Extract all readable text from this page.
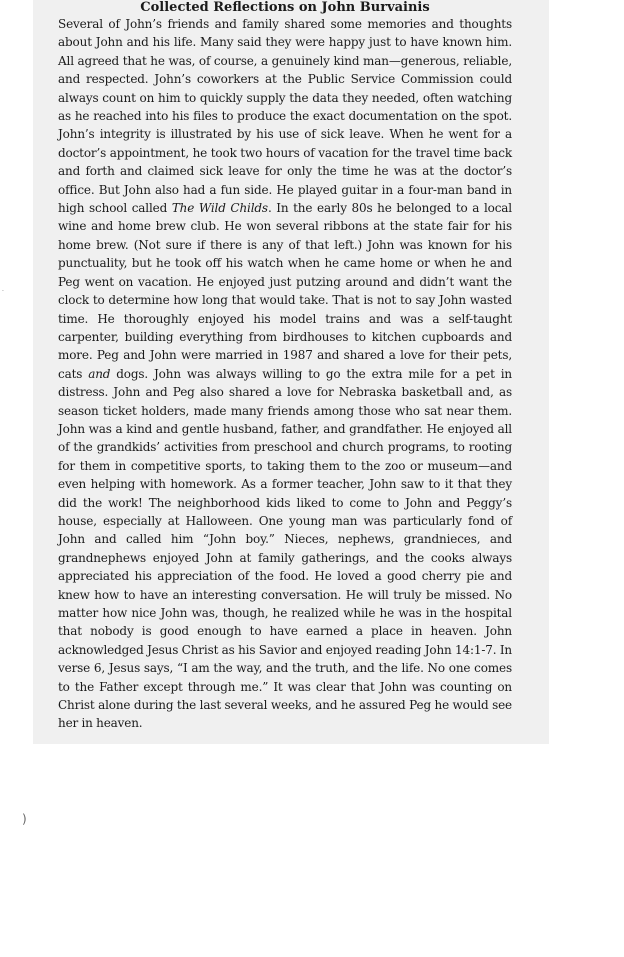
Collected Reflections on John Burvainis

Several of John’s friends and family shared some memories and thoughts about John and his life. Many said they were happy just to have known him. All agreed that he was, of course, a genuinely kind man—generous, reliable, and respected. John’s coworkers at the Public Service Commission could always count on him to quickly supply the data they needed, often watching as he reached into his files to produce the exact documentation on the spot. John’s integrity is illustrated by his use of sick leave. When he went for a doctor’s appointment, he took two hours of vacation for the travel time back and forth and claimed sick leave for only the time he was at the doctor’s office. But John also had a fun side. He played guitar in a four-man band in high school called The Wild Childs. In the early 80s he belonged to a local wine and home brew club. He won several ribbons at the state fair for his home brew. (Not sure if there is any of that left.) John was known for his punctuality, but he took off his watch when he came home or when he and Peg went on vacation. He enjoyed just putzing around and didn’t want the clock to determine how long that would take. That is not to say John wasted time. He thoroughly enjoyed his model trains and was a self-taught carpenter, building everything from birdhouses to kitchen cupboards and more. Peg and John were married in 1987 and shared a love for their pets, cats and dogs. John was always willing to go the extra mile for a pet in distress. John and Peg also shared a love for Nebraska basketball and, as season ticket holders, made many friends among those who sat near them. John was a kind and gentle husband, father, and grandfather. He enjoyed all of the grandkids’ activities from preschool and church programs, to rooting for them in competitive sports, to taking them to the zoo or museum—and even helping with homework. As a former teacher, John saw to it that they did the work! The neighborhood kids liked to come to John and Peggy’s house, especially at Halloween. One young man was particularly fond of John and called him “John boy.” Nieces, nephews, grandnieces, and grandnephews enjoyed John at family gatherings, and the cooks always appreciated his appreciation of the food. He loved a good cherry pie and knew how to have an interesting conversation. He will truly be missed. No matter how nice John was, though, he realized while he was in the hospital that nobody is good enough to have earned a place in heaven. John acknowledged Jesus Christ as his Savior and enjoyed reading John 14:1-7. In verse 6, Jesus says, “I am the way, and the truth, and the life. No one comes to the Father except through me.” It was clear that John was counting on Christ alone during the last several weeks, and he assured Peg he would see her in heaven.

·
)
